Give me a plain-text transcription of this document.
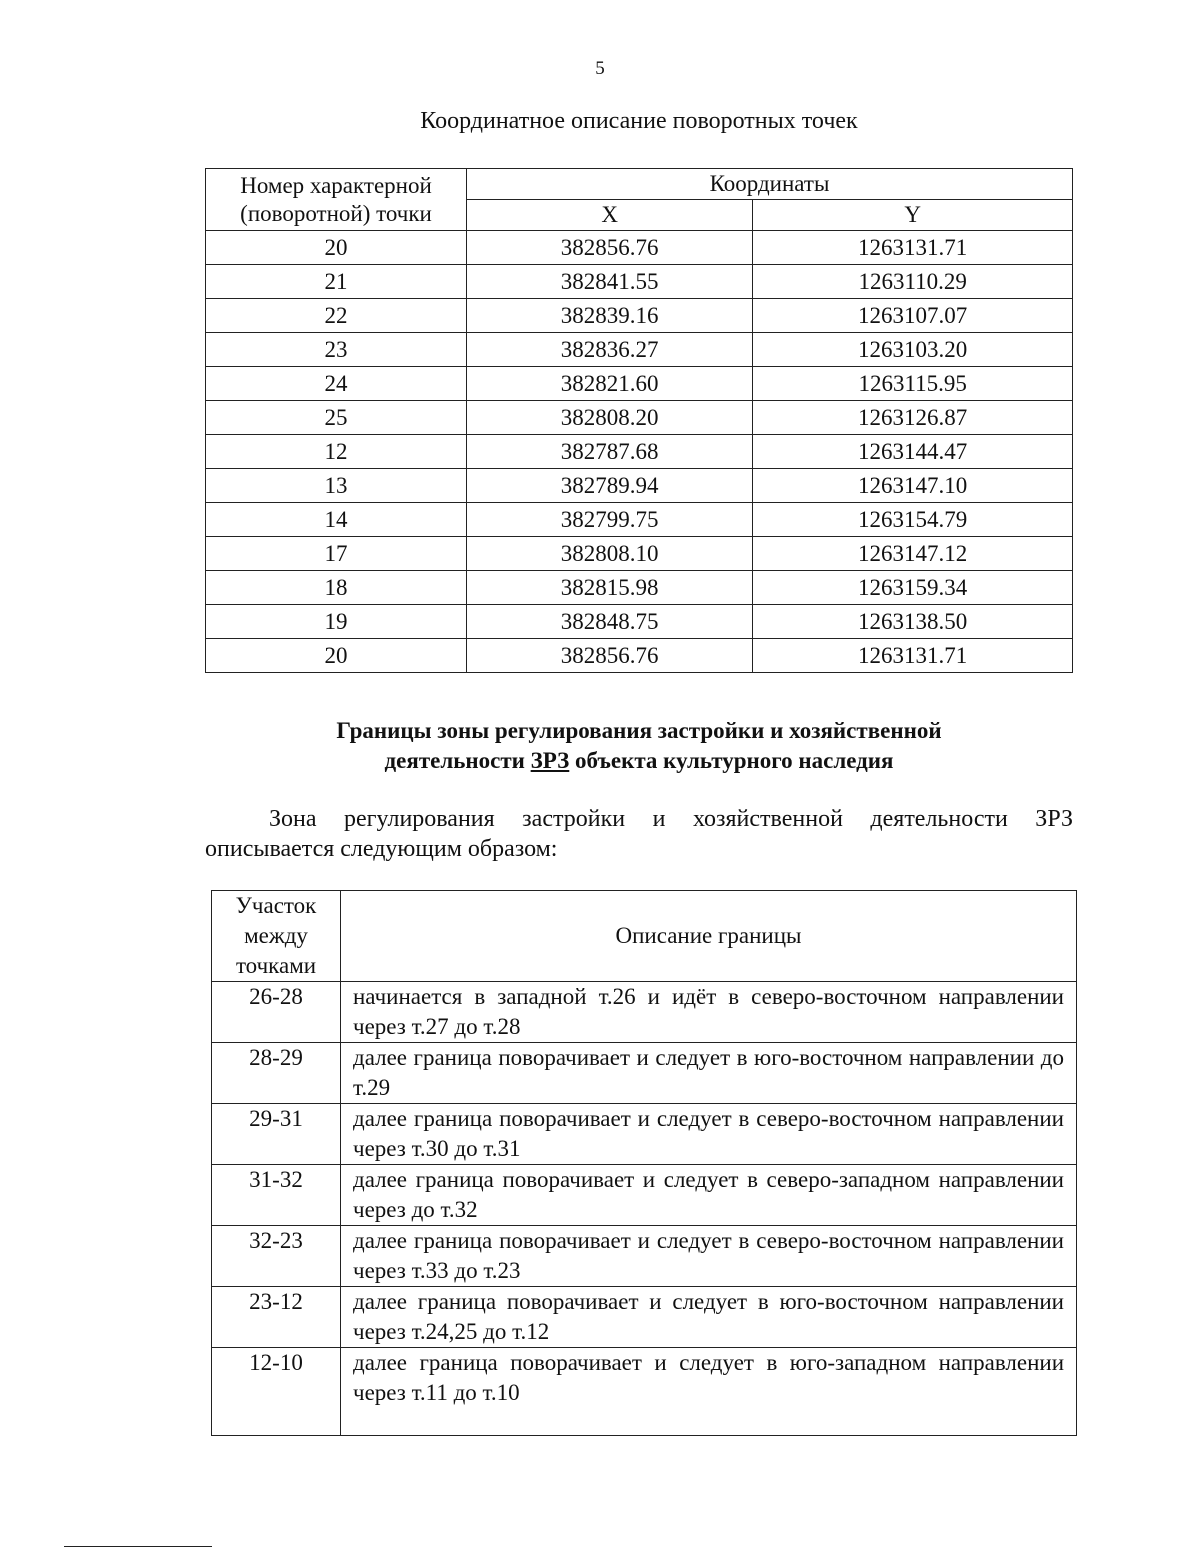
5
Координатное описание поворотных точек
Номер характерной (поворотной) точки	Координаты	
	X	Y
20	382856.76	1263131.71
21	382841.55	1263110.29
22	382839.16	1263107.07
23	382836.27	1263103.20
24	382821.60	1263115.95
25	382808.20	1263126.87
12	382787.68	1263144.47
13	382789.94	1263147.10
14	382799.75	1263154.79
17	382808.10	1263147.12
18	382815.98	1263159.34
19	382848.75	1263138.50
20	382856.76	1263131.71
Границы зоны регулирования застройки и хозяйственной
деятельности ЗРЗ объекта культурного наследия
Зона регулирования застройки и хозяйственной деятельности ЗРЗ описывается следующим образом:
Участок между точками	Описание границы
26-28	начинается в западной т.26 и идёт в северо-восточном направлении через т.27 до т.28
28-29	далее граница поворачивает и следует в юго-восточном направлении до т.29
29-31	далее граница поворачивает и следует в северо-восточном направлении через т.30 до т.31
31-32	далее граница поворачивает и следует в северо-западном направлении через до т.32
32-23	далее граница поворачивает и следует в северо-восточном направлении через т.33 до т.23
23-12	далее граница поворачивает и следует в юго-восточном направлении через т.24,25 до т.12
12-10	далее граница поворачивает и следует в юго-западном направлении через т.11 до т.10
